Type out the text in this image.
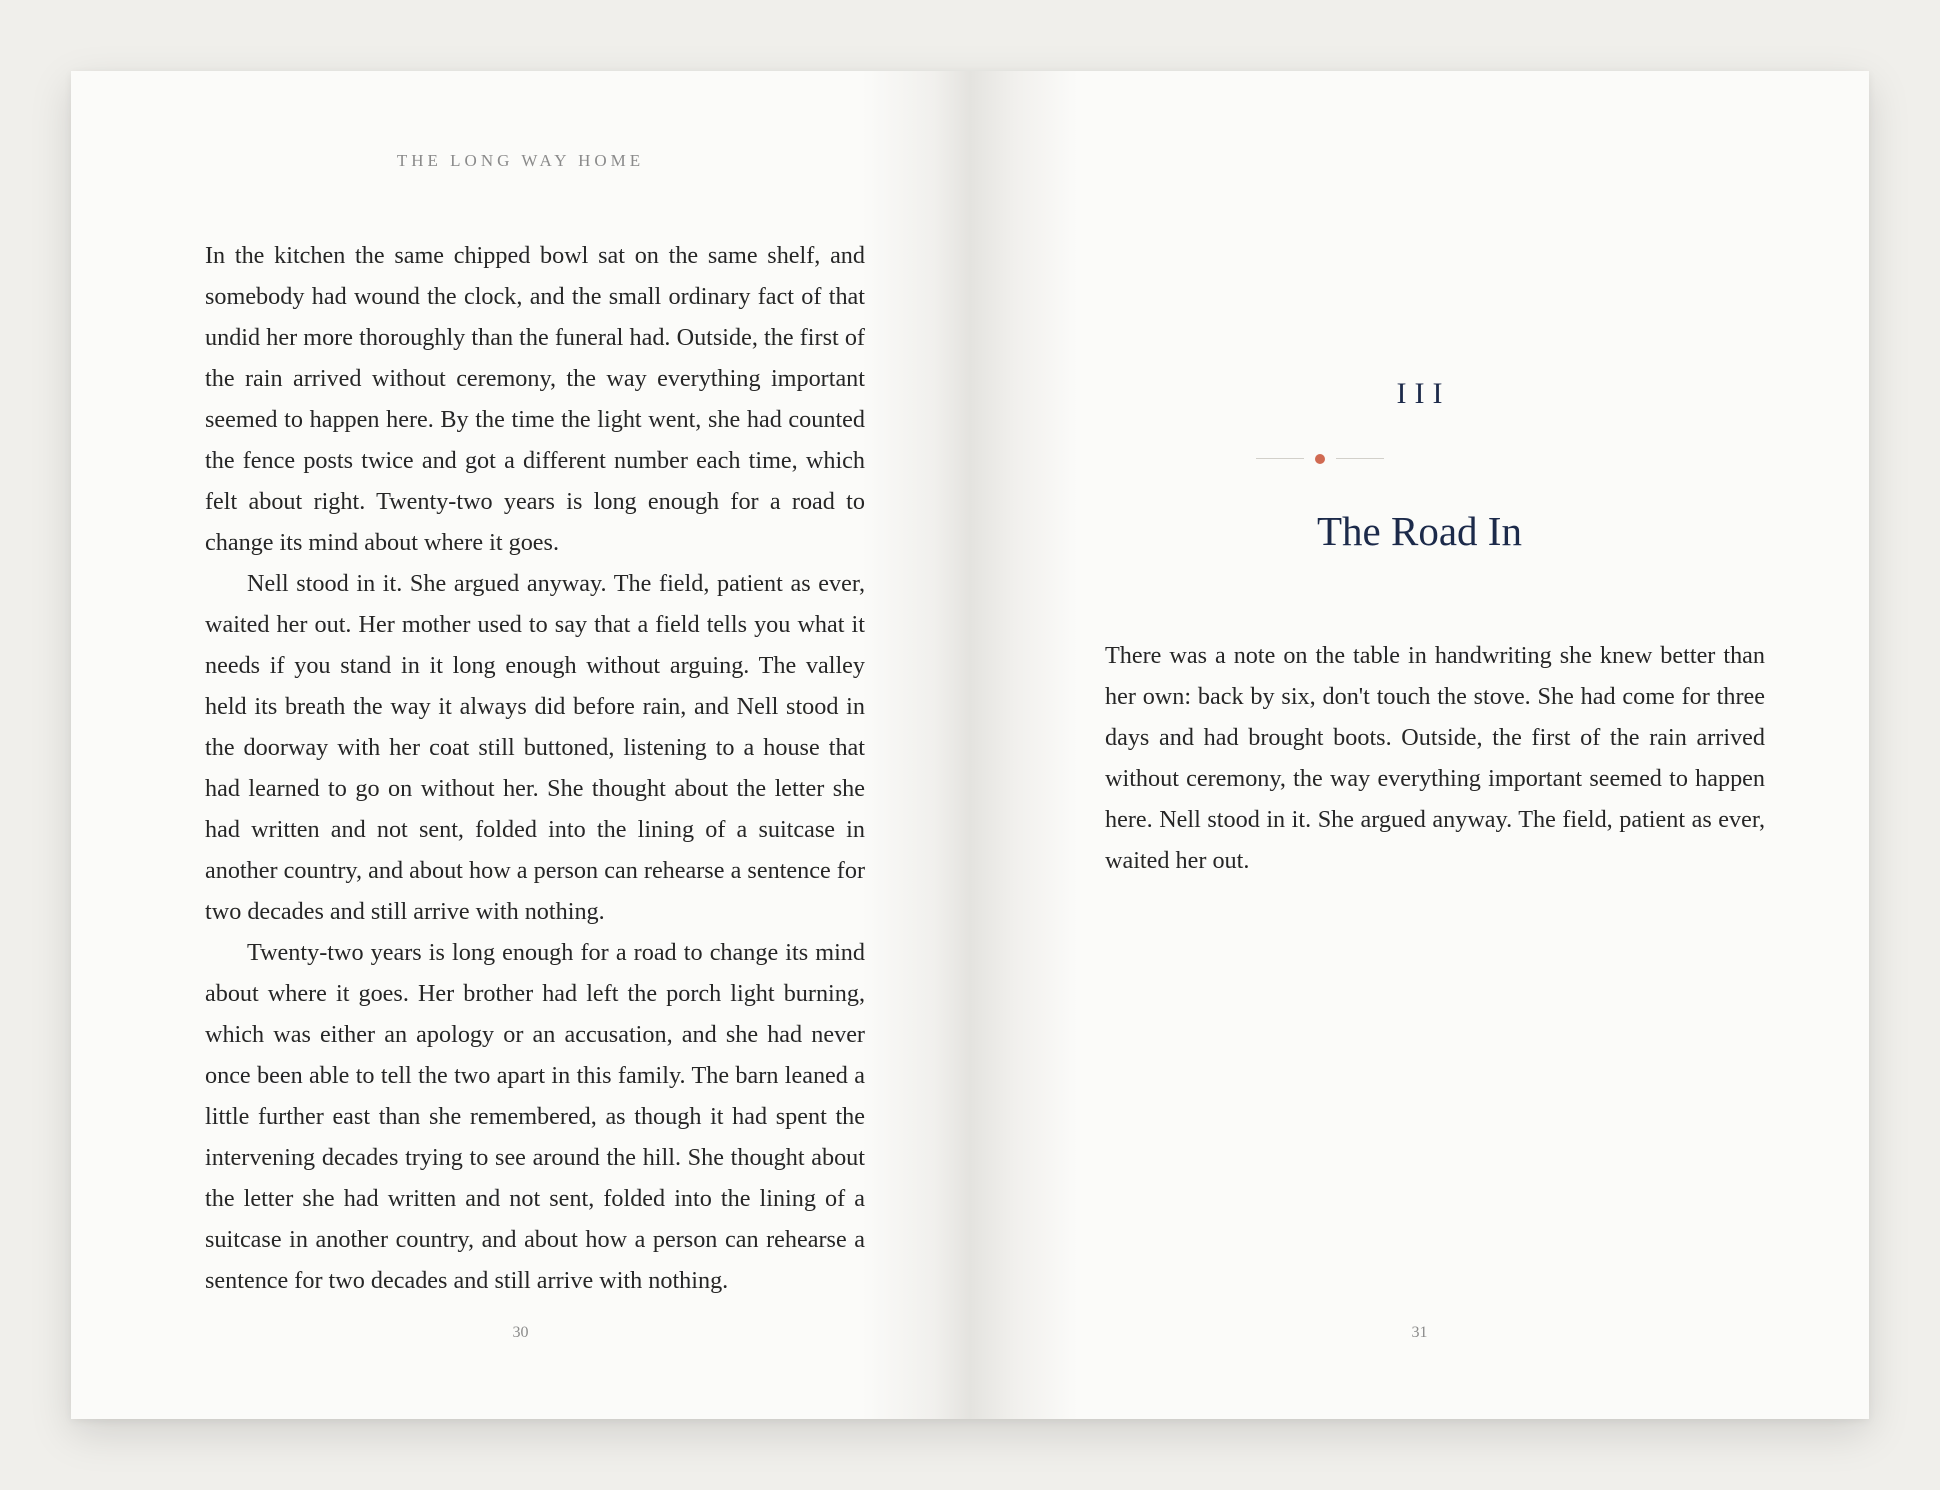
THE LONG WAY HOME
30
III
The Road In
31

In the kitchen the same chipped bowl sat on the same shelf, and somebody had wound the clock, and the small ordinary fact of that undid her more thoroughly than the funeral had. Outside, the first of the rain arrived without ceremony, the way everything important seemed to happen here. By the time the light went, she had counted the fence posts twice and got a different number each time, which felt about right. Twenty-two years is long enough for a road to change its mind about where it goes.

Nell stood in it. She argued anyway. The field, patient as ever, waited her out. Her mother used to say that a field tells you what it needs if you stand in it long enough without arguing. The valley held its breath the way it always did before rain, and Nell stood in the doorway with her coat still buttoned, listening to a house that had learned to go on without her. She thought about the letter she had written and not sent, folded into the lining of a suitcase in another country, and about how a person can rehearse a sentence for two decades and still arrive with nothing.

Twenty-two years is long enough for a road to change its mind about where it goes. Her brother had left the porch light burning, which was either an apology or an accusation, and she had never once been able to tell the two apart in this family. The barn leaned a little further east than she remembered, as though it had spent the intervening decades trying to see around the hill. She thought about the letter she had written and not sent, folded into the lining of a suitcase in another country, and about how a person can rehearse a sentence for two decades and still arrive with nothing.

There was a note on the table in handwriting she knew better than her own: back by six, don't touch the stove. She had come for three days and had brought boots. Outside, the first of the rain arrived without ceremony, the way everything important seemed to happen here. Nell stood in it. She argued anyway. The field, patient as ever, waited her out.
